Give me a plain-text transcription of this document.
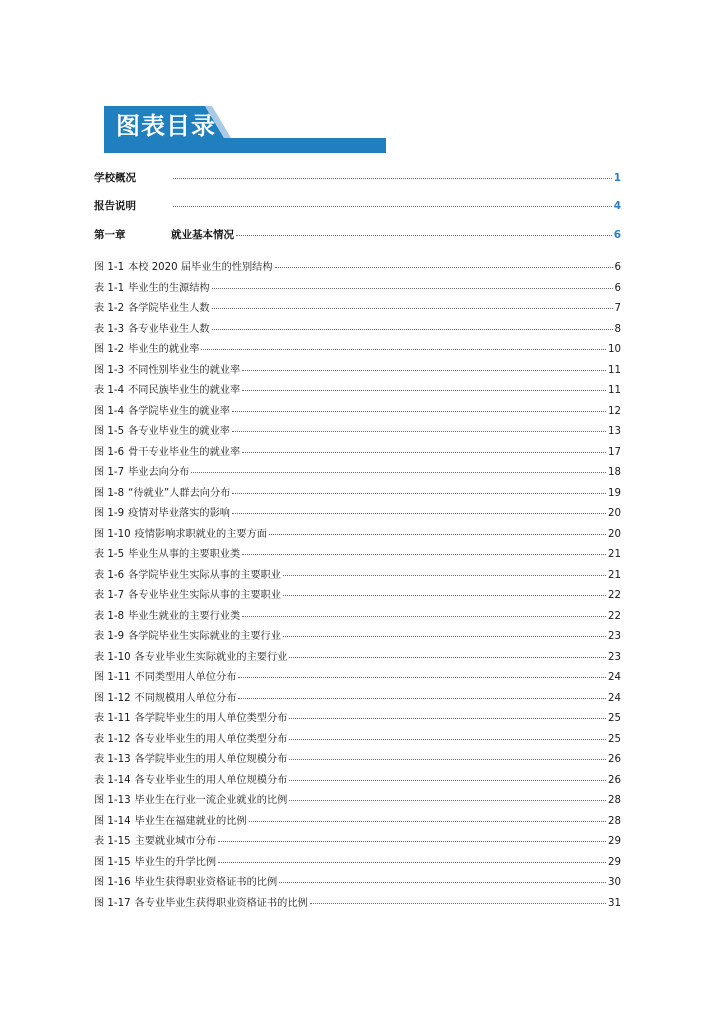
图表目录
学校概况	1
报告说明	4
第一章	就业基本情况	6
图 1-1 本校 2020 届毕业生的性别结构	6
表 1-1 毕业生的生源结构	6
表 1-2 各学院毕业生人数	7
表 1-3 各专业毕业生人数	8
图 1-2 毕业生的就业率	10
图 1-3 不同性别毕业生的就业率	11
表 1-4 不同民族毕业生的就业率	11
图 1-4 各学院毕业生的就业率	12
图 1-5 各专业毕业生的就业率	13
图 1-6 骨干专业毕业生的就业率	17
图 1-7 毕业去向分布	18
图 1-8 “待就业”人群去向分布	19
图 1-9 疫情对毕业落实的影响	20
图 1-10 疫情影响求职就业的主要方面	20
表 1-5 毕业生从事的主要职业类	21
表 1-6 各学院毕业生实际从事的主要职业	21
表 1-7 各专业毕业生实际从事的主要职业	22
表 1-8 毕业生就业的主要行业类	22
表 1-9 各学院毕业生实际就业的主要行业	23
表 1-10 各专业毕业生实际就业的主要行业	23
图 1-11 不同类型用人单位分布	24
图 1-12 不同规模用人单位分布	24
表 1-11 各学院毕业生的用人单位类型分布	25
表 1-12 各专业毕业生的用人单位类型分布	25
表 1-13 各学院毕业生的用人单位规模分布	26
表 1-14 各专业毕业生的用人单位规模分布	26
图 1-13 毕业生在行业一流企业就业的比例	28
图 1-14 毕业生在福建就业的比例	28
表 1-15 主要就业城市分布	29
图 1-15 毕业生的升学比例	29
图 1-16 毕业生获得职业资格证书的比例	30
图 1-17 各专业毕业生获得职业资格证书的比例	31
